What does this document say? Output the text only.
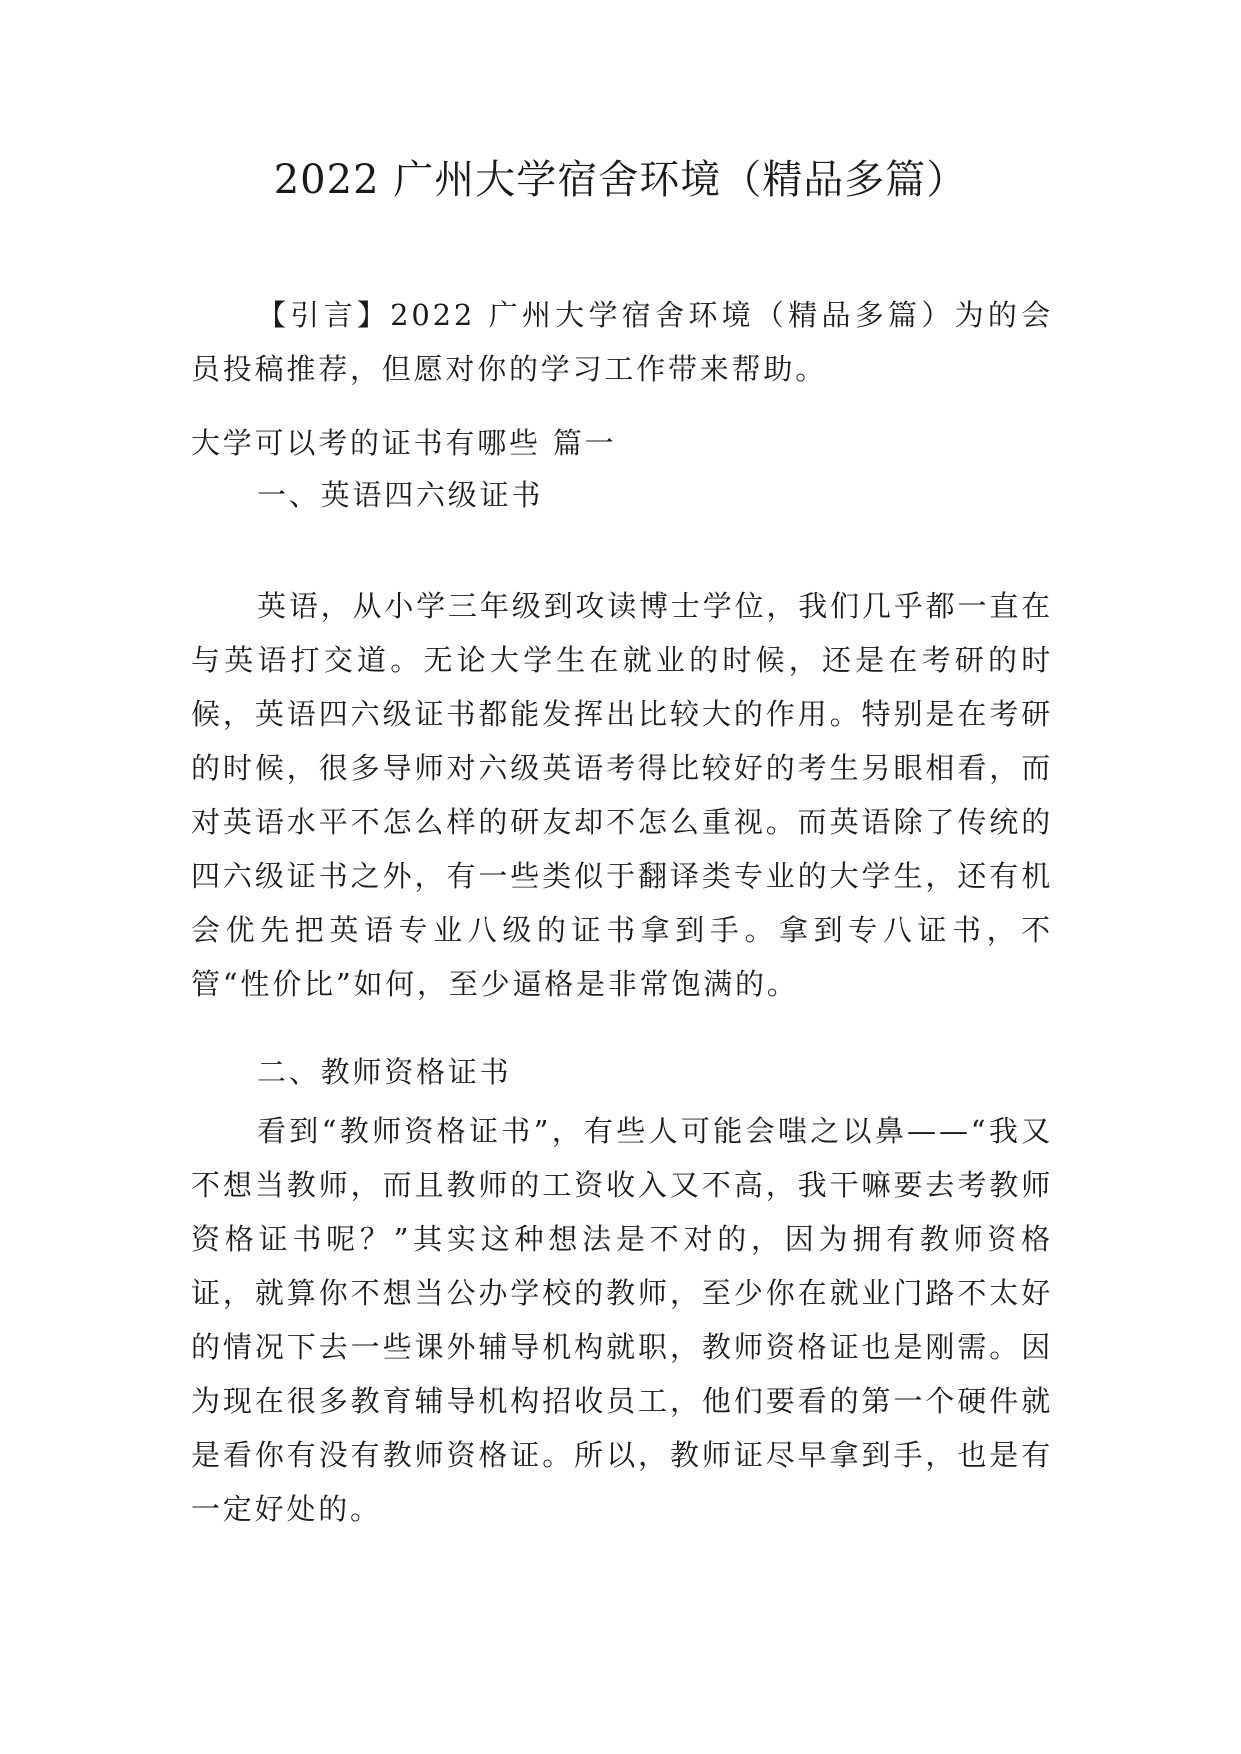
2022 广州大学宿舍环境（精品多篇）

【引言】2022 广州大学宿舍环境（精品多篇）为的会员投稿推荐，但愿对你的学习工作带来帮助。

大学可以考的证书有哪些 篇一

一、英语四六级证书

英语，从小学三年级到攻读博士学位，我们几乎都一直在与英语打交道。无论大学生在就业的时候，还是在考研的时候，英语四六级证书都能发挥出比较大的作用。特别是在考研的时候，很多导师对六级英语考得比较好的考生另眼相看，而对英语水平不怎么样的研友却不怎么重视。而英语除了传统的四六级证书之外，有一些类似于翻译类专业的大学生，还有机会优先把英语专业八级的证书拿到手。拿到专八证书，不管“性价比”如何，至少逼格是非常饱满的。

二、教师资格证书

看到“教师资格证书”，有些人可能会嗤之以鼻——“我又不想当教师，而且教师的工资收入又不高，我干嘛要去考教师资格证书呢？”其实这种想法是不对的，因为拥有教师资格证，就算你不想当公办学校的教师，至少你在就业门路不太好的情况下去一些课外辅导机构就职，教师资格证也是刚需。因为现在很多教育辅导机构招收员工，他们要看的第一个硬件就是看你有没有教师资格证。所以，教师证尽早拿到手，也是有一定好处的。
